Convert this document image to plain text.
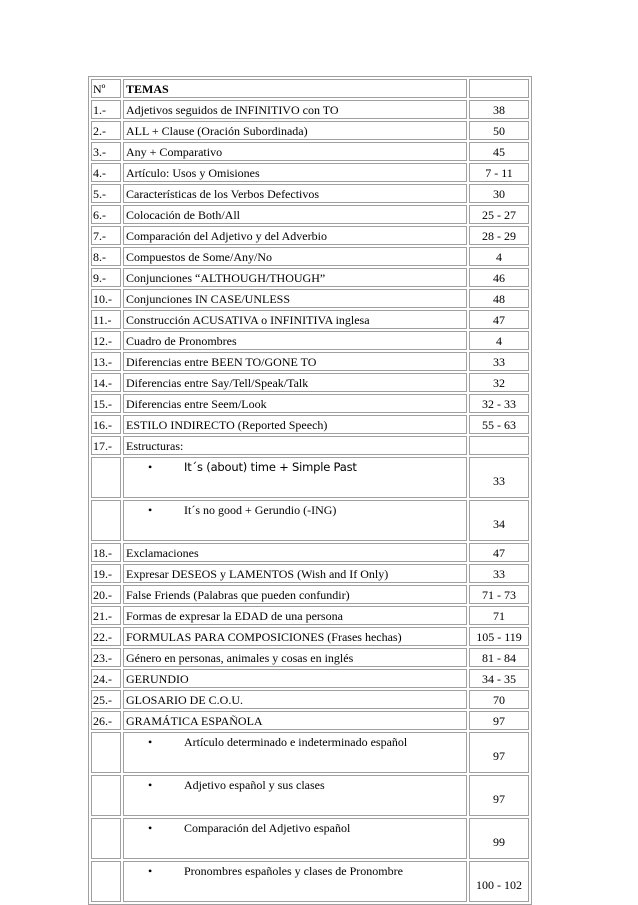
Nº	TEMAS	
1.-	Adjetivos seguidos de INFINITIVO con TO	38
2.-	ALL + Clause (Oración Subordinada)	50
3.-	Any + Comparativo	45
4.-	Artículo: Usos y Omisiones	7 - 11
5.-	Características de los Verbos Defectivos	30
6.-	Colocación de Both/All	25 - 27
7.-	Comparación del Adjetivo y del Adverbio	28 - 29
8.-	Compuestos de Some/Any/No	4
9.-	Conjunciones “ALTHOUGH/THOUGH”	46
10.-	Conjunciones IN CASE/UNLESS	48
11.-	Construcción ACUSATIVA o INFINITIVA inglesa	47
12.-	Cuadro de Pronombres	4
13.-	Diferencias entre BEEN TO/GONE TO	33
14.-	Diferencias entre Say/Tell/Speak/Talk	32
15.-	Diferencias entre Seem/Look	32 - 33
16.-	ESTILO INDIRECTO (Reported Speech)	55 - 63
17.-	Estructuras:	

	• It´s (about) time + Simple Past	33

	• It´s no good + Gerundio (-ING)	34
18.-	Exclamaciones	47
19.-	Expresar DESEOS y LAMENTOS (Wish and If Only)	33
20.-	False Friends (Palabras que pueden confundir)	71 - 73
21.-	Formas de expresar la EDAD de una persona	71
22.-	FORMULAS PARA COMPOSICIONES (Frases hechas)	105 - 119
23.-	Género en personas, animales y cosas en inglés	81 - 84
24.-	GERUNDIO	34 - 35
25.-	GLOSARIO DE C.O.U.	70
26.-	GRAMÁTICA ESPAÑOLA	97

	• Artículo determinado e indeterminado español	97

	• Adjetivo español y sus clases	97

	• Comparación del Adjetivo español	99

	• Pronombres españoles y clases de Pronombre	100 - 102
